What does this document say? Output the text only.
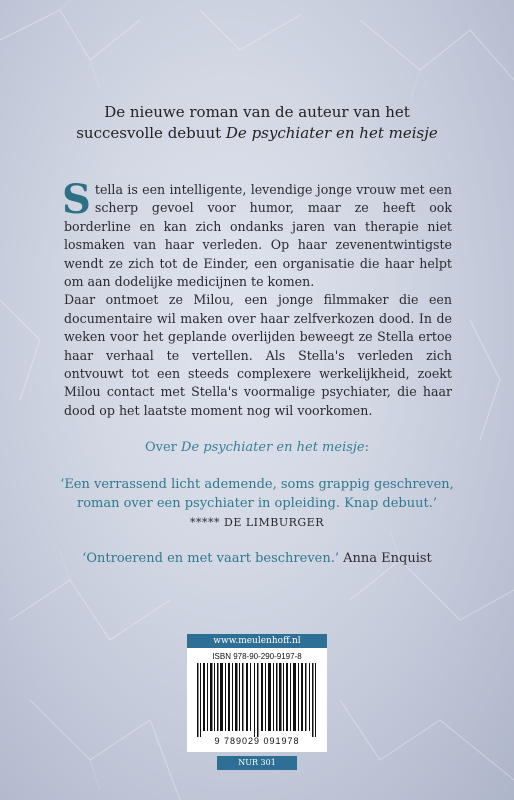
De nieuwe roman van de auteur van het
succesvolle debuut De psychiater en het meisje

Stella is een intelligente, levendige jonge vrouw met een scherp gevoel voor humor, maar ze heeft ook borderline en kan zich ondanks jaren van therapie niet losmaken van haar verleden. Op haar zevenentwintigste wendt ze zich tot de Einder, een organisatie die haar helpt om aan dodelijke medicijnen te komen.

Daar ontmoet ze Milou, een jonge filmmaker die een documentaire wil maken over haar zelfverkozen dood. In de weken voor het geplande overlijden beweegt ze Stella ertoe haar verhaal te vertellen. Als Stella's verleden zich ontvouwt tot een steeds complexere werkelijkheid, zoekt Milou contact met Stella's voormalige psychiater, die haar dood op het laatste moment nog wil voorkomen.

Over De psychiater en het meisje:
‘Een verrassend licht ademende, soms grappig geschreven,
roman over een psychiater in opleiding. Knap debuut.’
***** DE LIMBURGER
‘Ontroerend en met vaart beschreven.’ Anna Enquist
www.meulenhoff.nl
ISBN 978-90-290-9197-8
9 789029 091978
NUR 301
